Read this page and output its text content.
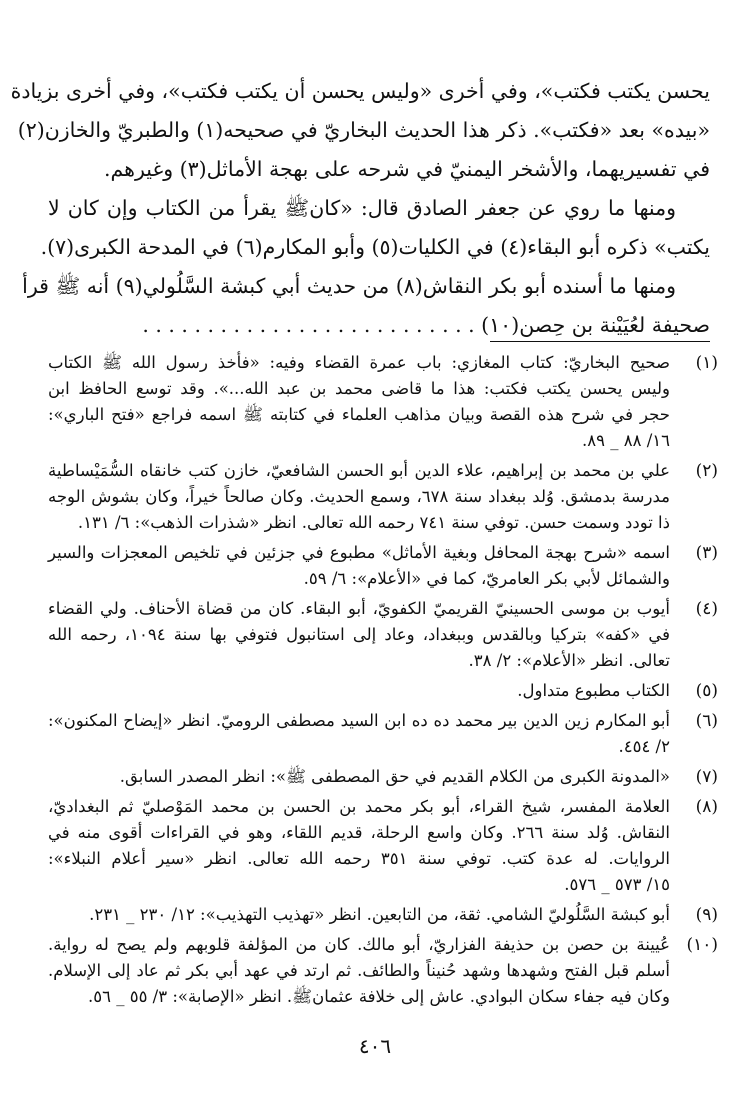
يحسن يكتب فكتب»، وفي أخرى «وليس يحسن أن يكتب فكتب»، وفي أخرى بزيادة
«بيده» بعد «فكتب». ذكر هذا الحديث البخاريّ في صحيحه(١) والطبريّ والخازن(٢)
في تفسيريهما، والأشخر اليمنيّ في شرحه على بهجة الأماثل(٣) وغيرهم.
ومنها ما روي عن جعفر الصادق قال: «كانﷺ يقرأ من الكتاب وإن كان لا
يكتب» ذكره أبو البقاء(٤) في الكليات(٥) وأبو المكارم(٦) في المدحة الكبرى(٧).
ومنها ما أسنده أبو بكر النقاش(٨) من حديث أبي كبشة السَّلُولي(٩) أنه ﷺ قرأ
صحيفة لعُيَيْنة بن حِصن(١٠) . . . . . . . . . . . . . . . . . . . . . . . . . .
(١)
صحيح البخاريّ: كتاب المغازي: باب عمرة القضاء وفيه: «فأخذ رسول الله ﷺ الكتاب
وليس يحسن يكتب فكتب: هذا ما قاضى محمد بن عبد الله...». وقد توسع الحافظ ابن
حجر في شرح هذه القصة وبيان مذاهب العلماء في كتابته ﷺ اسمه فراجع «فتح الباري»:
١٦/ ٨٨ _ ٨٩.
(٢)
علي بن محمد بن إبراهيم، علاء الدين أبو الحسن الشافعيّ، خازن كتب خانقاه السُّمَيْساطية
مدرسة بدمشق. وُلد ببغداد سنة ٦٧٨، وسمع الحديث. وكان صالحاً خيراً، وكان بشوش الوجه
ذا تودد وسمت حسن. توفي سنة ٧٤١ رحمه الله تعالى. انظر «شذرات الذهب»: ٦/ ١٣١.
(٣)
اسمه «شرح بهجة المحافل وبغية الأماثل» مطبوع في جزئين في تلخيص المعجزات والسير
والشمائل لأبي بكر العامريّ، كما في «الأعلام»: ٦/ ٥٩.
(٤)
أيوب بن موسى الحسينيّ القريميّ الكفويّ، أبو البقاء. كان من قضاة الأحناف. ولي القضاء
في «كفه» بتركيا وبالقدس وببغداد، وعاد إلى استانبول فتوفي بها سنة ١٠٩٤، رحمه الله
تعالى. انظر «الأعلام»: ٢/ ٣٨.
(٥)
الكتاب مطبوع متداول.
(٦)
أبو المكارم زين الدين بير محمد ده ده ابن السيد مصطفى الروميّ. انظر «إيضاح المكنون»:
٢/ ٤٥٤.
(٧)
«المدونة الكبرى من الكلام القديم في حق المصطفى ﷺ»: انظر المصدر السابق.
(٨)
العلامة المفسر، شيخ القراء، أبو بكر محمد بن الحسن بن محمد المَوْصليّ ثم البغداديّ،
النقاش. وُلد سنة ٢٦٦. وكان واسع الرحلة، قديم اللقاء، وهو في القراءات أقوى منه في
الروايات. له عدة كتب. توفي سنة ٣٥١ رحمه الله تعالى. انظر «سير أعلام النبلاء»:
١٥/ ٥٧٣ _ ٥٧٦.
(٩)
أبو كبشة السَّلُوليّ الشامي. ثقة، من التابعين. انظر «تهذيب التهذيب»: ١٢/ ٢٣٠ _ ٢٣١.
(١٠)
عُيينة بن حصن بن حذيفة الفزاريّ، أبو مالك. كان من المؤلفة قلوبهم ولم يصح له رواية.
أسلم قبل الفتح وشهدها وشهد حُنيناً والطائف. ثم ارتد في عهد أبي بكر ثم عاد إلى الإسلام.
وكان فيه جفاء سكان البوادي. عاش إلى خلافة عثمانﷺ. انظر «الإصابة»: ٣/ ٥٥ _ ٥٦.
٤٠٦
